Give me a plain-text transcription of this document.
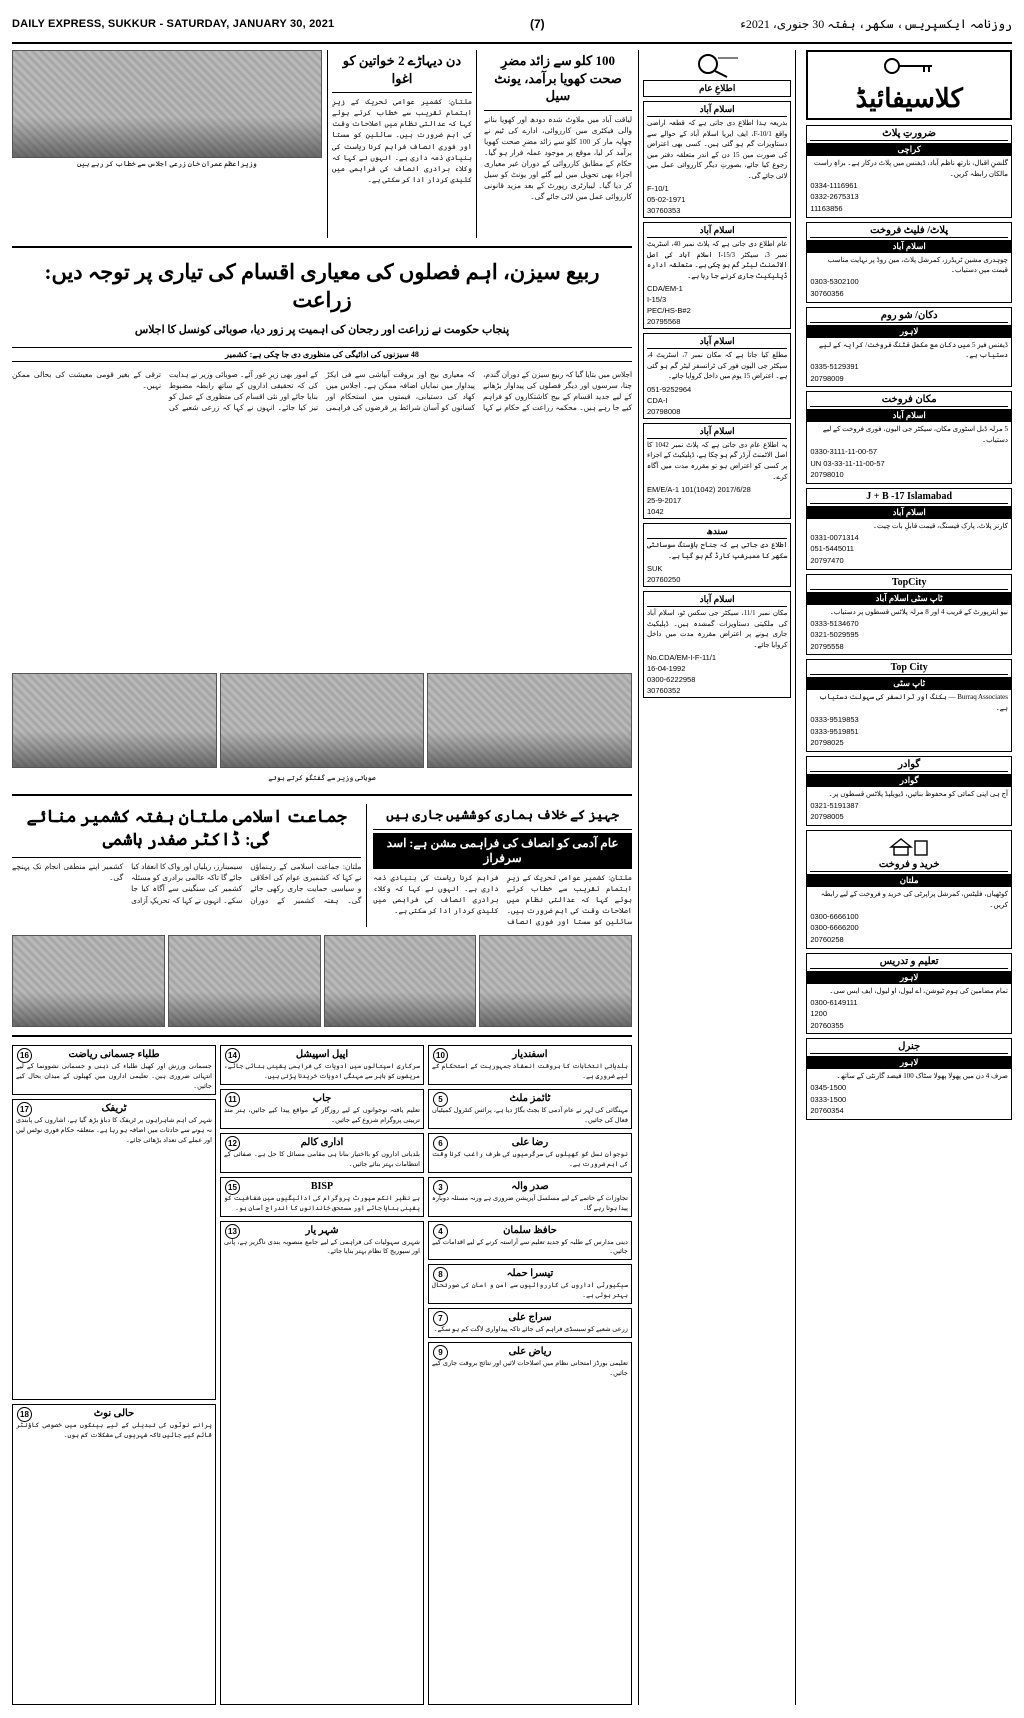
DAILY EXPRESS, SUKKUR - SATURDAY, JANUARY 30, 2021	(7)	روزنامہ ایکسپریس، سکھر، ہفتہ 30 جنوری، 2021ء
وزیراعظم عمران خان زرعی اجلاس سے خطاب کر رہے ہیں
دن دیہاڑے 2 خواتین کو اغوا
ملتان: کشمیر عوامی تحریک کے زیرِ اہتمام تقریب سے خطاب کرتے ہوئے کہا کہ عدالتی نظام میں اصلاحات وقت کی اہم ضرورت ہیں۔ سائلین کو سستا اور فوری انصاف فراہم کرنا ریاست کی بنیادی ذمہ داری ہے۔ انہوں نے کہا کہ وکلاء برادری انصاف کی فراہمی میں کلیدی کردار ادا کر سکتی ہے۔
100 کلو سے زائد مضرِ صحت کھویا برآمد، یونٹ سیل
لیاقت آباد میں ملاوٹ شدہ دودھ اور کھویا بنانے والی فیکٹری میں کارروائی، ادارے کی ٹیم نے چھاپہ مار کر 100 کلو سے زائد مضرِ صحت کھویا برآمد کر لیا، موقع پر موجود عملہ فرار ہو گیا۔ حکام کے مطابق کارروائی کے دوران غیر معیاری اجزاء بھی تحویل میں لیے گئے اور یونٹ کو سیل کر دیا گیا۔ لیبارٹری رپورٹ کے بعد مزید قانونی کارروائی عمل میں لائی جائے گی۔
ربیع سیزن، اہم فصلوں کی معیاری اقسام کی تیاری پر توجہ دیں: زراعت
پنجاب حکومت نے زراعت اور رجحان کی اہمیت پر زور دیا، صوبائی کونسل کا اجلاس
48 سیزنوں کی ادائیگی کی منظوری دی جا چکی ہے: کشمیر
اجلاس میں بتایا گیا کہ ربیع سیزن کے دوران گندم، چنا، سرسوں اور دیگر فصلوں کی پیداوار بڑھانے کے لیے جدید اقسام کے بیج کاشتکاروں کو فراہم کیے جا رہے ہیں۔ محکمہ زراعت کے حکام نے کہا کہ معیاری بیج اور بروقت آبپاشی سے فی ایکڑ پیداوار میں نمایاں اضافہ ممکن ہے۔ اجلاس میں کھاد کی دستیابی، قیمتوں میں استحکام اور کسانوں کو آسان شرائط پر قرضوں کی فراہمی کے امور بھی زیرِ غور آئے۔ صوبائی وزیر نے ہدایت کی کہ تحقیقی اداروں کے ساتھ رابطہ مضبوط بنایا جائے اور نئی اقسام کی منظوری کے عمل کو تیز کیا جائے۔ انہوں نے کہا کہ زرعی شعبے کی ترقی کے بغیر قومی معیشت کی بحالی ممکن نہیں۔
صوبائی وزیر سے گفتگو کرتے ہوئے
جماعت اسلامی ملتان ہفتہ کشمیر منائے گی: ڈاکٹر صفدر ہاشمی
ملتان: جماعت اسلامی کے رہنماؤں نے کہا کہ کشمیری عوام کی اخلاقی و سیاسی حمایت جاری رکھی جائے گی۔ ہفتہ کشمیر کے دوران سیمینارز، ریلیاں اور واک کا انعقاد کیا جائے گا تاکہ عالمی برادری کو مسئلہ کشمیر کی سنگینی سے آگاہ کیا جا سکے۔ انہوں نے کہا کہ تحریکِ آزادی کشمیر اپنے منطقی انجام تک پہنچے گی۔
جہیز کے خلاف ہماری کوششیں جاری ہیں
عام آدمی کو انصاف کی فراہمی مشن ہے: اسد سرفراز
ملتان: کشمیر عوامی تحریک کے زیرِ اہتمام تقریب سے خطاب کرتے ہوئے کہا کہ عدالتی نظام میں اصلاحات وقت کی اہم ضرورت ہیں۔ سائلین کو سستا اور فوری انصاف فراہم کرنا ریاست کی بنیادی ذمہ داری ہے۔ انہوں نے کہا کہ وکلاء برادری انصاف کی فراہمی میں کلیدی کردار ادا کر سکتی ہے۔
16	طلباء جسمانی ریاضت
جسمانی ورزش اور کھیل طلباء کی ذہنی و جسمانی نشوونما کے لیے انتہائی ضروری ہیں۔ تعلیمی اداروں میں کھیلوں کے میدان بحال کیے جائیں۔
17	ٹریفک
شہر کی اہم شاہراہوں پر ٹریفک کا دباؤ بڑھ گیا ہے، اشاروں کی پابندی نہ ہونے سے حادثات میں اضافہ ہو رہا ہے۔ متعلقہ حکام فوری نوٹس لیں اور عملے کی تعداد بڑھائی جائے۔
18	حالی نوٹ
پرانے نوٹوں کی تبدیلی کے لیے بینکوں میں خصوصی کاؤنٹر قائم کیے جائیں تاکہ شہریوں کی مشکلات کم ہوں۔
14	اپیل اسپیشل
سرکاری اسپتالوں میں ادویات کی فراہمی یقینی بنائی جائے، مریضوں کو باہر سے مہنگی ادویات خریدنا پڑتی ہیں۔
11	جاب
تعلیم یافتہ نوجوانوں کے لیے روزگار کے مواقع پیدا کیے جائیں، ہنر مند تربیتی پروگرام شروع کیے جائیں۔
12	اداری کالم
بلدیاتی اداروں کو بااختیار بنانا ہی مقامی مسائل کا حل ہے۔ صفائی کے انتظامات بہتر بنائے جائیں۔
15	BISP
بے نظیر انکم سپورٹ پروگرام کی ادائیگیوں میں شفافیت کو یقینی بنایا جائے اور مستحق خاندانوں کا اندراج آسان ہو۔
13	شہر یار
شہری سہولیات کی فراہمی کے لیے جامع منصوبہ بندی ناگزیر ہے، پانی اور سیوریج کا نظام بہتر بنایا جائے۔
10	اسفندیار
بلدیاتی انتخابات کا بروقت انعقاد جمہوریت کے استحکام کے لیے ضروری ہے۔
5	ٹائمز ملٹ
مہنگائی کی لہر نے عام آدمی کا بجٹ بگاڑ دیا ہے، پرائس کنٹرول کمیٹیاں فعال کی جائیں۔
6	رضا علی
نوجوان نسل کو کھیلوں کی سرگرمیوں کی طرف راغب کرنا وقت کی اہم ضرورت ہے۔
3	صدر والہ
تجاوزات کے خاتمے کے لیے مسلسل آپریشن ضروری ہے ورنہ مسئلہ دوبارہ پیدا ہوتا رہے گا۔
4	حافظ سلمان
دینی مدارس کے طلبہ کو جدید تعلیم سے آراستہ کرنے کے لیے اقدامات کیے جائیں۔
8	تیسرا حملہ
سیکیورٹی اداروں کی کارروائیوں سے امن و امان کی صورتحال بہتر ہوئی ہے۔
7	سراج علی
زرعی شعبے کو سبسڈی فراہم کی جائے تاکہ پیداواری لاگت کم ہو سکے۔
9	ریاض علی
تعلیمی بورڈز امتحانی نظام میں اصلاحات لائیں اور نتائج بروقت جاری کیے جائیں۔
اطلاعِ عام
اسلام آباد
بذریعہ ہذا اطلاع دی جاتی ہے کہ قطعہ اراضی واقع F-10/1، ایف ایریا اسلام آباد کے حوالے سے دستاویزات گم ہو گئی ہیں۔ کسی بھی اعتراض کی صورت میں 15 دن کے اندر متعلقہ دفتر میں رجوع کیا جائے، بصورتِ دیگر کارروائی عمل میں لائی جائے گی۔
F-10/1
05-02-1971
30760353
اسلام آباد
عام اطلاع دی جاتی ہے کہ پلاٹ نمبر 40، اسٹریٹ نمبر 3، سیکٹر I-15/3 اسلام آباد کی اصل الاٹمنٹ لیٹر گم ہو چکی ہے۔ متعلقہ ادارہ ڈپلیکیٹ جاری کرنے جا رہا ہے۔
CDA/EM-1
I-15/3
PEC/HS-B#2
20795568
اسلام آباد
مطلع کیا جاتا ہے کہ مکان نمبر 7، اسٹریٹ 4، سیکٹر جی الیون فور کی ٹرانسفر لیٹر گم ہو گئی ہے۔ اعتراض 15 یوم میں داخل کروایا جائے۔
051-9252964
CDA-I
20798008
اسلام آباد
یہ اطلاع عام دی جاتی ہے کہ پلاٹ نمبر 1042 کا اصل الاٹمنٹ آرڈر گم ہو چکا ہے، ڈپلیکیٹ کے اجراء پر کسی کو اعتراض ہو تو مقررہ مدت میں آگاہ کرے۔
EM/E/A-1 101(1042) 2017/6/28
25-9-2017
1042
سندھ
اطلاع دی جاتی ہے کہ جناح ہاؤسنگ سوسائٹی سکھر کا ممبرشپ کارڈ گم ہو گیا ہے۔
SUK
20760250
اسلام آباد
مکان نمبر 11/1، سیکٹر جی سکس ٹو، اسلام آباد کی ملکیتی دستاویزات گمشدہ ہیں۔ ڈپلیکیٹ جاری ہونے پر اعتراض مقررہ مدت میں داخل کروایا جائے۔
No.CDA/EM-I-F-11/1
16-04-1992
0300-6222958
30760352
کلاسیفائیڈ
ضرورتِ پلاٹ
کراچی
گلشنِ اقبال، نارتھ ناظم آباد، ڈیفنس میں پلاٹ درکار ہے۔ براہِ راست مالکان رابطہ کریں۔
0334-1116961
0332-2675313
11163856
پلاٹ/ فلیٹ فروخت
اسلام آباد
چوہدری مشین ٹریڈرز، کمرشل پلاٹ، مین روڈ پر نہایت مناسب قیمت میں دستیاب۔
0303-5302100
30760356
دکان/ شو روم
لاہور
ڈیفنس فیز 5 میں دکان مع مکمل فٹنگ فروخت/ کرایہ کے لیے دستیاب ہے۔
0335-5129391
20798009
مکان فروخت
اسلام آباد
5 مرلہ ڈبل اسٹوری مکان، سیکٹر جی الیون، فوری فروخت کے لیے دستیاب۔
0330-3111-11-00-57
UN 03-33-11-11-00-57
20798010
J + B -17 Islamabad
اسلام آباد
کارنر پلاٹ، پارک فیسنگ، قیمت قابلِ بات چیت۔
0331-0071314
051-5445011
20797470
TopCity
ٹاپ سٹی اسلام آباد
نیو ایئرپورٹ کے قریب 4 اور 8 مرلہ پلاٹس قسطوں پر دستیاب۔
0333-5134670
0321-5029595
20795558
Top City
ٹاپ سٹی
Burraq Associates — بکنگ اور ٹرانسفر کی سہولت دستیاب ہے۔
0333-9519853
0333-9519851
20798025
گوادر
گوادر
آج ہی اپنی کمائی کو محفوظ بنائیں، ڈیویلپڈ پلاٹس قسطوں پر۔
0321-5191387
20798005
خرید و فروخت
ملتان
کوٹھیاں، فلیٹس، کمرشل پراپرٹی کی خرید و فروخت کے لیے رابطہ کریں۔
0300-6666100
0300-6666200
20760258
تعلیم و تدریس
لاہور
تمام مضامین کی ہوم ٹیوشن، اے لیول، او لیول، ایف ایس سی۔
0300-6149111
1200
20760355
جنرل
لاہور
صرف 4 دن میں پھولا پھولا سٹاک 100 فیصد گارنٹی کے ساتھ۔
0345-1500
0333-1500
20760354
